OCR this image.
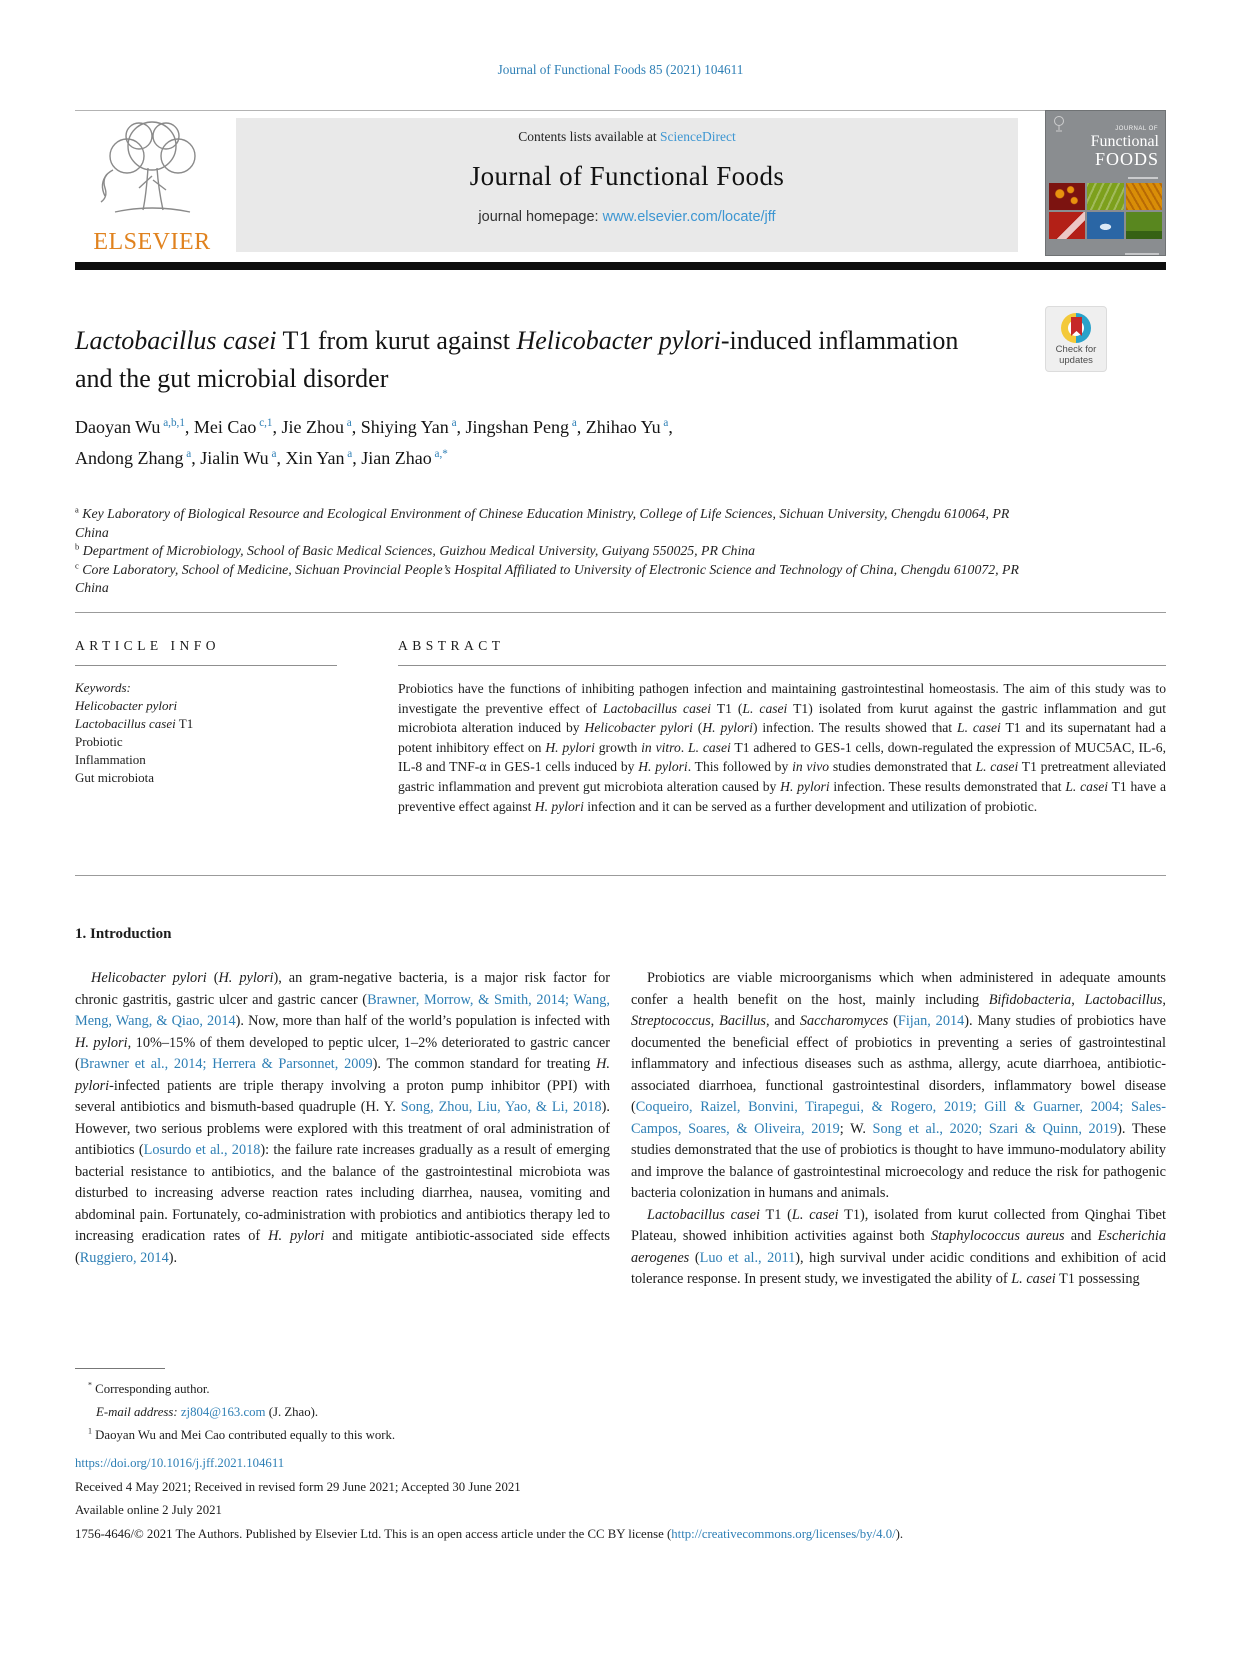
Journal of Functional Foods 85 (2021) 104611
ELSEVIER
Contents lists available at ScienceDirect
Journal of Functional Foods
journal homepage: www.elsevier.com/locate/jff
JOURNAL OF
Functional
FOODS
Check for
updates
Lactobacillus casei T1 from kurut against Helicobacter pylori-induced inflammation and the gut microbial disorder
Daoyan Wu $^{a,b,1}$, Mei Cao $^{c,1}$, Jie Zhou $^a$, Shiying Yan $^a$, Jingshan Peng $^a$, Zhihao Yu $^a$,
Andong Zhang $^a$, Jialin Wu $^a$, Xin Yan $^a$, Jian Zhao $^{a,*}$
$^a$ Key Laboratory of Biological Resource and Ecological Environment of Chinese Education Ministry, College of Life Sciences, Sichuan University, Chengdu 610064, PR
China
$^b$ Department of Microbiology, School of Basic Medical Sciences, Guizhou Medical University, Guiyang 550025, PR China
$^c$ Core Laboratory, School of Medicine, Sichuan Provincial People’s Hospital Affiliated to University of Electronic Science and Technology of China, Chengdu 610072, PR
China
ARTICLE INFO
Keywords:
Helicobacter pylori
Lactobacillus casei T1
Probiotic
Inflammation
Gut microbiota
ABSTRACT
Probiotics have the functions of inhibiting pathogen infection and maintaining gastrointestinal homeostasis. The aim of this study was to investigate the preventive effect of Lactobacillus casei T1 (L. casei T1) isolated from kurut against the gastric inflammation and gut microbiota alteration induced by Helicobacter pylori (H. pylori) infection. The results showed that L. casei T1 and its supernatant had a potent inhibitory effect on H. pylori growth in vitro. L. casei T1 adhered to GES-1 cells, down-regulated the expression of MUC5AC, IL-6, IL-8 and TNF-α in GES-1 cells induced by H. pylori. This followed by in vivo studies demonstrated that L. casei T1 pretreatment alleviated gastric inflammation and prevent gut microbiota alteration caused by H. pylori infection. These results demonstrated that L. casei T1 have a preventive effect against H. pylori infection and it can be served as a further development and utilization of probiotic.
1. Introduction

Helicobacter pylori (H. pylori), an gram-negative bacteria, is a major risk factor for chronic gastritis, gastric ulcer and gastric cancer (Brawner, Morrow, & Smith, 2014; Wang, Meng, Wang, & Qiao, 2014). Now, more than half of the world’s population is infected with H. pylori, 10%–15% of them developed to peptic ulcer, 1–2% deteriorated to gastric cancer (Brawner et al., 2014; Herrera & Parsonnet, 2009). The common standard for treating H. pylori-infected patients are triple therapy involving a proton pump inhibitor (PPI) with several antibiotics and bismuth-based quadruple (H. Y. Song, Zhou, Liu, Yao, & Li, 2018). However, two serious problems were explored with this treatment of oral administration of antibiotics (Losurdo et al., 2018): the failure rate increases gradually as a result of emerging bacterial resistance to antibiotics, and the balance of the gastrointestinal microbiota was disturbed to increasing adverse reaction rates including diarrhea, nausea, vomiting and abdominal pain. Fortunately, co-administration with probiotics and antibiotics therapy led to increasing eradication rates of H. pylori and mitigate antibiotic-associated side effects (Ruggiero, 2014).

Probiotics are viable microorganisms which when administered in adequate amounts confer a health benefit on the host, mainly including Bifidobacteria, Lactobacillus, Streptococcus, Bacillus, and Saccharomyces (Fijan, 2014). Many studies of probiotics have documented the beneficial effect of probiotics in preventing a series of gastrointestinal inflammatory and infectious diseases such as asthma, allergy, acute diarrhoea, antibiotic-associated diarrhoea, functional gastrointestinal disorders, inflammatory bowel disease (Coqueiro, Raizel, Bonvini, Tirapegui, & Rogero, 2019; Gill & Guarner, 2004; Sales-Campos, Soares, & Oliveira, 2019; W. Song et al., 2020; Szari & Quinn, 2019). These studies demonstrated that the use of probiotics is thought to have immuno-modulatory ability and improve the balance of gastrointestinal microecology and reduce the risk for pathogenic bacteria colonization in humans and animals.

Lactobacillus casei T1 (L. casei T1), isolated from kurut collected from Qinghai Tibet Plateau, showed inhibition activities against both Staphylococcus aureus and Escherichia aerogenes (Luo et al., 2011), high survival under acidic conditions and exhibition of acid tolerance response. In present study, we investigated the ability of L. casei T1 possessing

* Corresponding author.
E-mail address: zj804@163.com (J. Zhao).
$^1$ Daoyan Wu and Mei Cao contributed equally to this work.
https://doi.org/10.1016/j.jff.2021.104611
Received 4 May 2021; Received in revised form 29 June 2021; Accepted 30 June 2021
Available online 2 July 2021
1756-4646/© 2021 The Authors. Published by Elsevier Ltd. This is an open access article under the CC BY license (http://creativecommons.org/licenses/by/4.0/).
